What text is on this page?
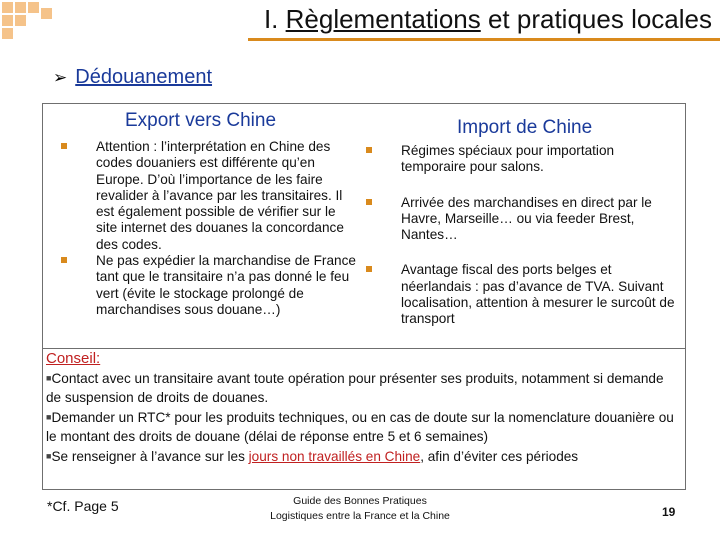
I. Règlementations et pratiques locales
➢ Dédouanement
Export vers Chine	Import de Chine
Attention : l’interprétation en Chine des codes douaniers est différente qu’en Europe. D’où l’importance de les faire revalider à l’avance par les transitaires. Il est également possible de vérifier sur le site internet des douanes la concordance des codes.
Ne pas expédier la marchandise de France tant que le transitaire n’a pas donné le feu vert (évite le stockage prolongé de marchandises sous douane…)
Régimes spéciaux pour importation temporaire pour salons.
Arrivée des marchandises en direct par le Havre, Marseille… ou via feeder Brest, Nantes…
Avantage fiscal des ports belges et néerlandais : pas d’avance de TVA. Suivant localisation, attention à mesurer le surcoût de transport
Conseil:
■Contact avec un transitaire avant toute opération pour présenter ses produits, notamment si demande de suspension de droits de douanes.
■Demander un RTC* pour les produits techniques, ou en cas de doute sur la nomenclature douanière ou le montant des droits de douane (délai de réponse entre 5 et 6 semaines)
■Se renseigner à l’avance sur les jours non travaillés en Chine, afin d’éviter ces périodes
*Cf. Page 5	Guide des Bonnes Pratiques
Logistiques entre la France et la Chine	19
